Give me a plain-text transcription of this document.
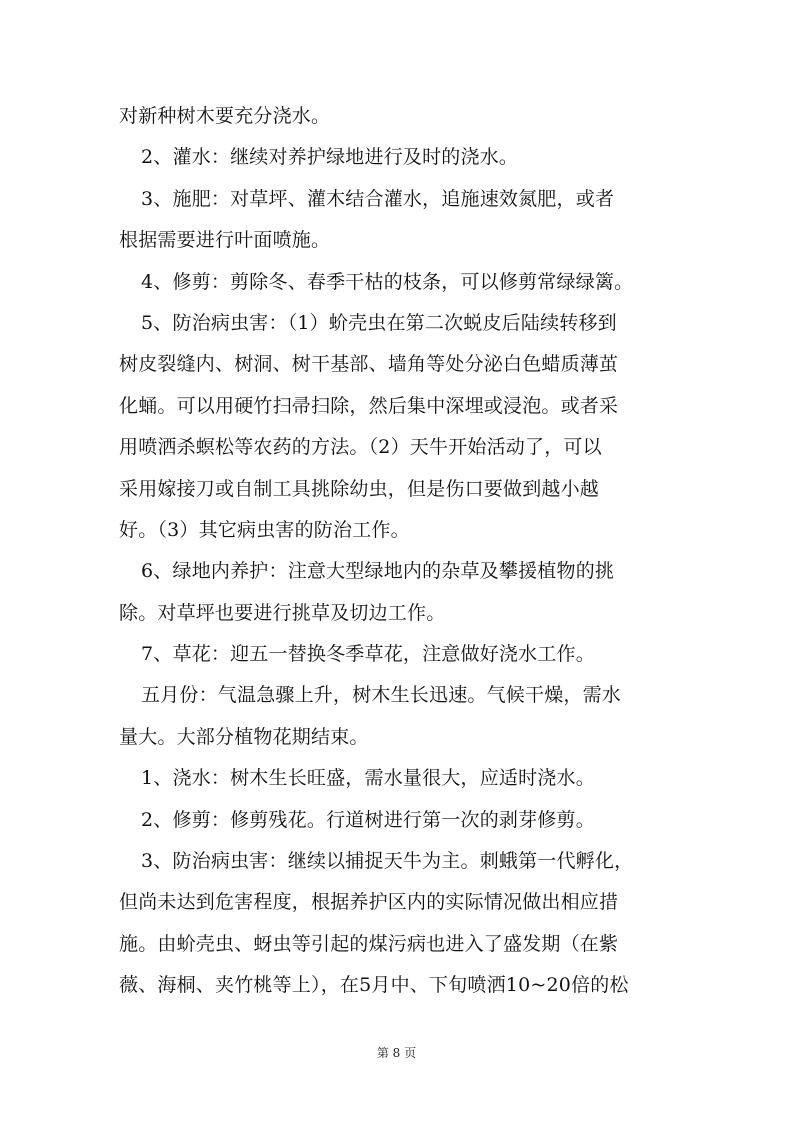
对新种树木要充分浇水。
2、灌水：继续对养护绿地进行及时的浇水。
3、施肥：对草坪、灌木结合灌水，追施速效氮肥，或者
根据需要进行叶面喷施。
4、修剪：剪除冬、春季干枯的枝条，可以修剪常绿绿篱。
5、防治病虫害：（1）蚧壳虫在第二次蜕皮后陆续转移到
树皮裂缝内、树洞、树干基部、墙角等处分泌白色蜡质薄茧
化蛹。可以用硬竹扫帚扫除，然后集中深埋或浸泡。或者采
用喷洒杀螟松等农药的方法。（2）天牛开始活动了，可以
采用嫁接刀或自制工具挑除幼虫，但是伤口要做到越小越
好。（3）其它病虫害的防治工作。
6、绿地内养护：注意大型绿地内的杂草及攀援植物的挑
除。对草坪也要进行挑草及切边工作。
7、草花：迎五一替换冬季草花，注意做好浇水工作。
五月份：气温急骤上升，树木生长迅速。气候干燥，需水
量大。大部分植物花期结束。
1、浇水：树木生长旺盛，需水量很大，应适时浇水。
2、修剪：修剪残花。行道树进行第一次的剥芽修剪。
3、防治病虫害：继续以捕捉天牛为主。刺蛾第一代孵化，
但尚未达到危害程度，根据养护区内的实际情况做出相应措
施。由蚧壳虫、蚜虫等引起的煤污病也进入了盛发期（在紫
薇、海桐、夹竹桃等上），在5月中、下旬喷洒10~20倍的松
第 8 页
